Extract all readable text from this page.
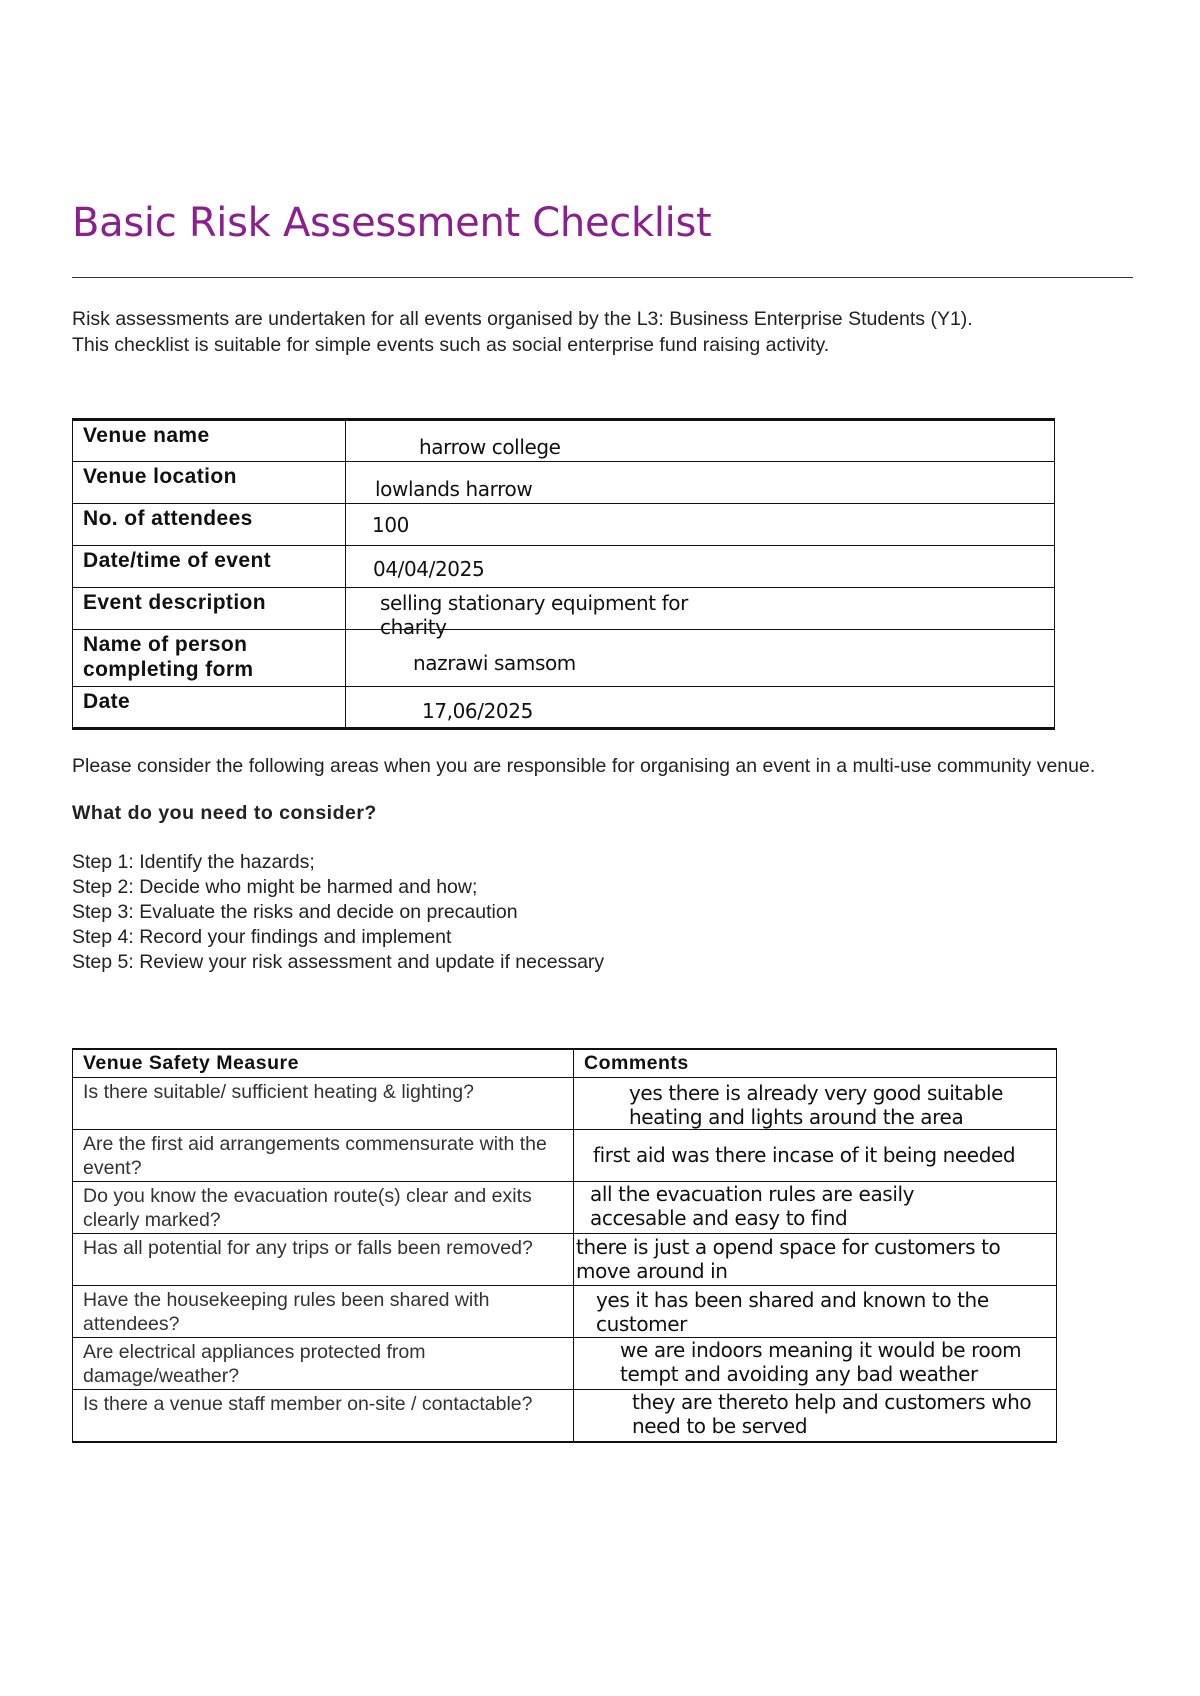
Basic Risk Assessment Checklist

Risk assessments are undertaken for all events organised by the L3: Business Enterprise Students (Y1).

This checklist is suitable for simple events such as social enterprise fund raising activity.

Venue name	harrow college

Venue location	lowlands harrow

No. of attendees	100

Date/time of event	04/04/2025

Event description	selling stationary equipment for charity

Name of person completing form	nazrawi samsom

Date	17,06/2025

Please consider the following areas when you are responsible for organising an event in a multi-use community venue.

What do you need to consider?

Step 1: Identify the hazards;

Step 2: Decide who might be harmed and how;

Step 3: Evaluate the risks and decide on precaution

Step 4: Record your findings and implement

Step 5: Review your risk assessment and update if necessary

Venue Safety Measure	Comments
Is there suitable/ sufficient heating & lighting?	yes there is already very good suitable heating and lights around the area
Are the first aid arrangements commensurate with the event?	first aid was there incase of it being needed
Do you know the evacuation route(s) clear and exits clearly marked?	all the evacuation rules are easily accesable and easy to find
Has all potential for any trips or falls been removed?	there is just a opend space for customers to move around in
Have the housekeeping rules been shared with attendees?	yes it has been shared and known to the customer
Are electrical appliances protected from damage/weather?	we are indoors meaning it would be room tempt and avoiding any bad weather
Is there a venue staff member on-site / contactable?	they are thereto help and customers who need to be served
